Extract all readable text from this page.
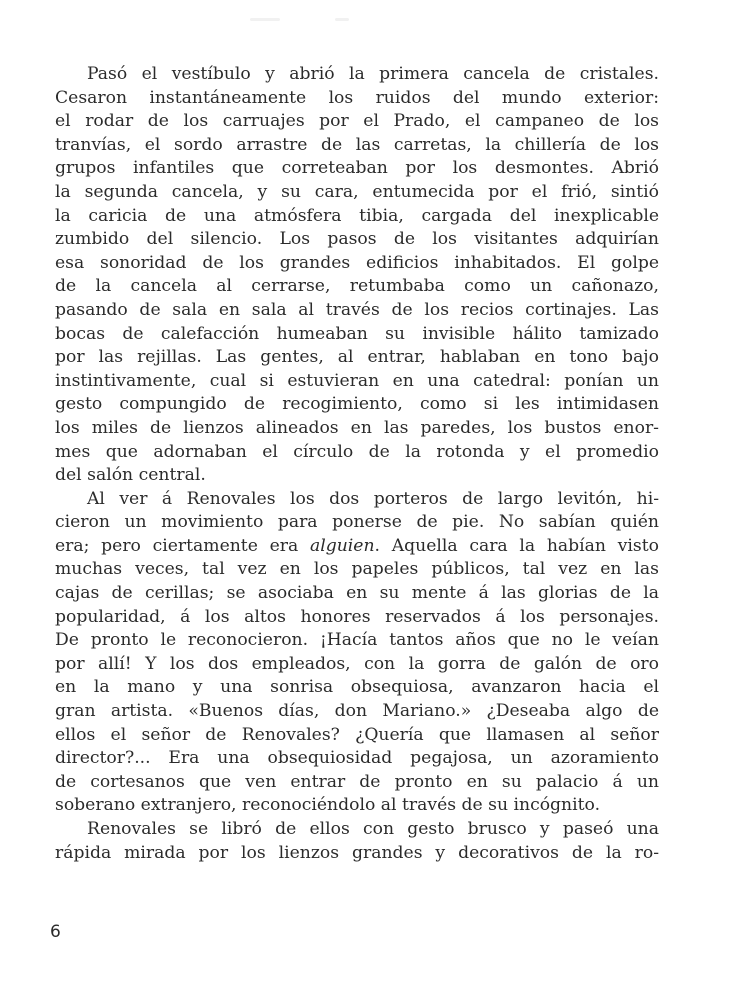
Pasó el vestíbulo y abrió la primera cancela de cristales.
Cesaron instantáneamente los ruidos del mundo exterior:
el rodar de los carruajes por el Prado, el campaneo de los
tranvías, el sordo arrastre de las carretas, la chillería de los
grupos infantiles que correteaban por los desmontes. Abrió
la segunda cancela, y su cara, entumecida por el frió, sintió
la caricia de una atmósfera tibia, cargada del inexplicable
zumbido del silencio. Los pasos de los visitantes adquirían
esa sonoridad de los grandes edificios inhabitados. El golpe
de la cancela al cerrarse, retumbaba como un cañonazo,
pasando de sala en sala al través de los recios cortinajes. Las
bocas de calefacción humeaban su invisible hálito tamizado
por las rejillas. Las gentes, al entrar, hablaban en tono bajo
instintivamente, cual si estuvieran en una catedral: ponían un
gesto compungido de recogimiento, como si les intimidasen
los miles de lienzos alineados en las paredes, los bustos enor-
mes que adornaban el círculo de la rotonda y el promedio
del salón central.
Al ver á Renovales los dos porteros de largo levitón, hi-
cieron un movimiento para ponerse de pie. No sabían quién
era; pero ciertamente era alguien. Aquella cara la habían visto
muchas veces, tal vez en los papeles públicos, tal vez en las
cajas de cerillas; se asociaba en su mente á las glorias de la
popularidad, á los altos honores reservados á los personajes.
De pronto le reconocieron. ¡Hacía tantos años que no le veían
por allí! Y los dos empleados, con la gorra de galón de oro
en la mano y una sonrisa obsequiosa, avanzaron hacia el
gran artista. «Buenos días, don Mariano.» ¿Deseaba algo de
ellos el señor de Renovales? ¿Quería que llamasen al señor
director?... Era una obsequiosidad pegajosa, un azoramiento
de cortesanos que ven entrar de pronto en su palacio á un
soberano extranjero, reconociéndolo al través de su incógnito.
Renovales se libró de ellos con gesto brusco y paseó una
rápida mirada por los lienzos grandes y decorativos de la ro-
6
